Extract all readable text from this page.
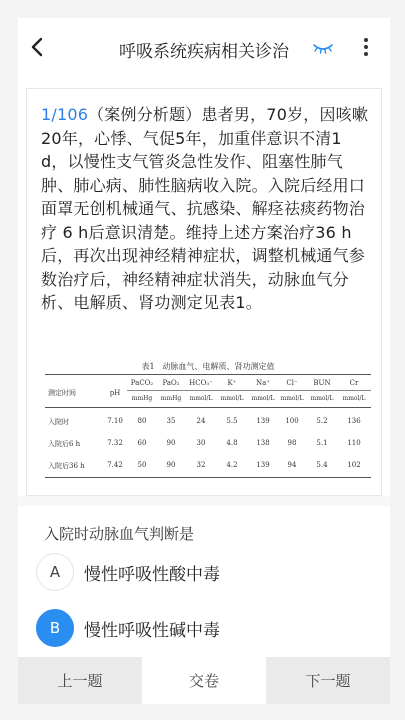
呼吸系统疾病相关诊治
1/106（案例分析题）患者男，70岁，因咳嗽20年，心悸、气促5年，加重伴意识不清1 d，以慢性支气管炎急性发作、阻塞性肺气肿、肺心病、肺性脑病收入院。入院后经用口面罩无创机械通气、抗感染、解痉祛痰药物治疗 6 h后意识清楚。维持上述方案治疗36 h后，再次出现神经精神症状，调整机械通气参数治疗后，神经精神症状消失，动脉血气分析、电解质、肾功测定见表1。
表1　动脉血气、电解质、肾功测定值
测定时间	pH
PaCO₂	PaO₂	HCO₃⁻	K⁺	Na⁺	Cl⁻	BUN	Cr
mmHg	mmHg	mmol/L	mmol/L	mmol/L	mmol/L	mmol/L	mmol/L
入院时	7.10	80	35	24	5.5	139	100	5.2	136
入院后6 h	7.32	60	90	30	4.8	138	98	5.1	110
入院后36 h	7.42	50	90	32	4.2	139	94	5.4	102
入院时动脉血气判断是
A	慢性呼吸性酸中毒
B	慢性呼吸性碱中毒
上一题	交卷	下一题
